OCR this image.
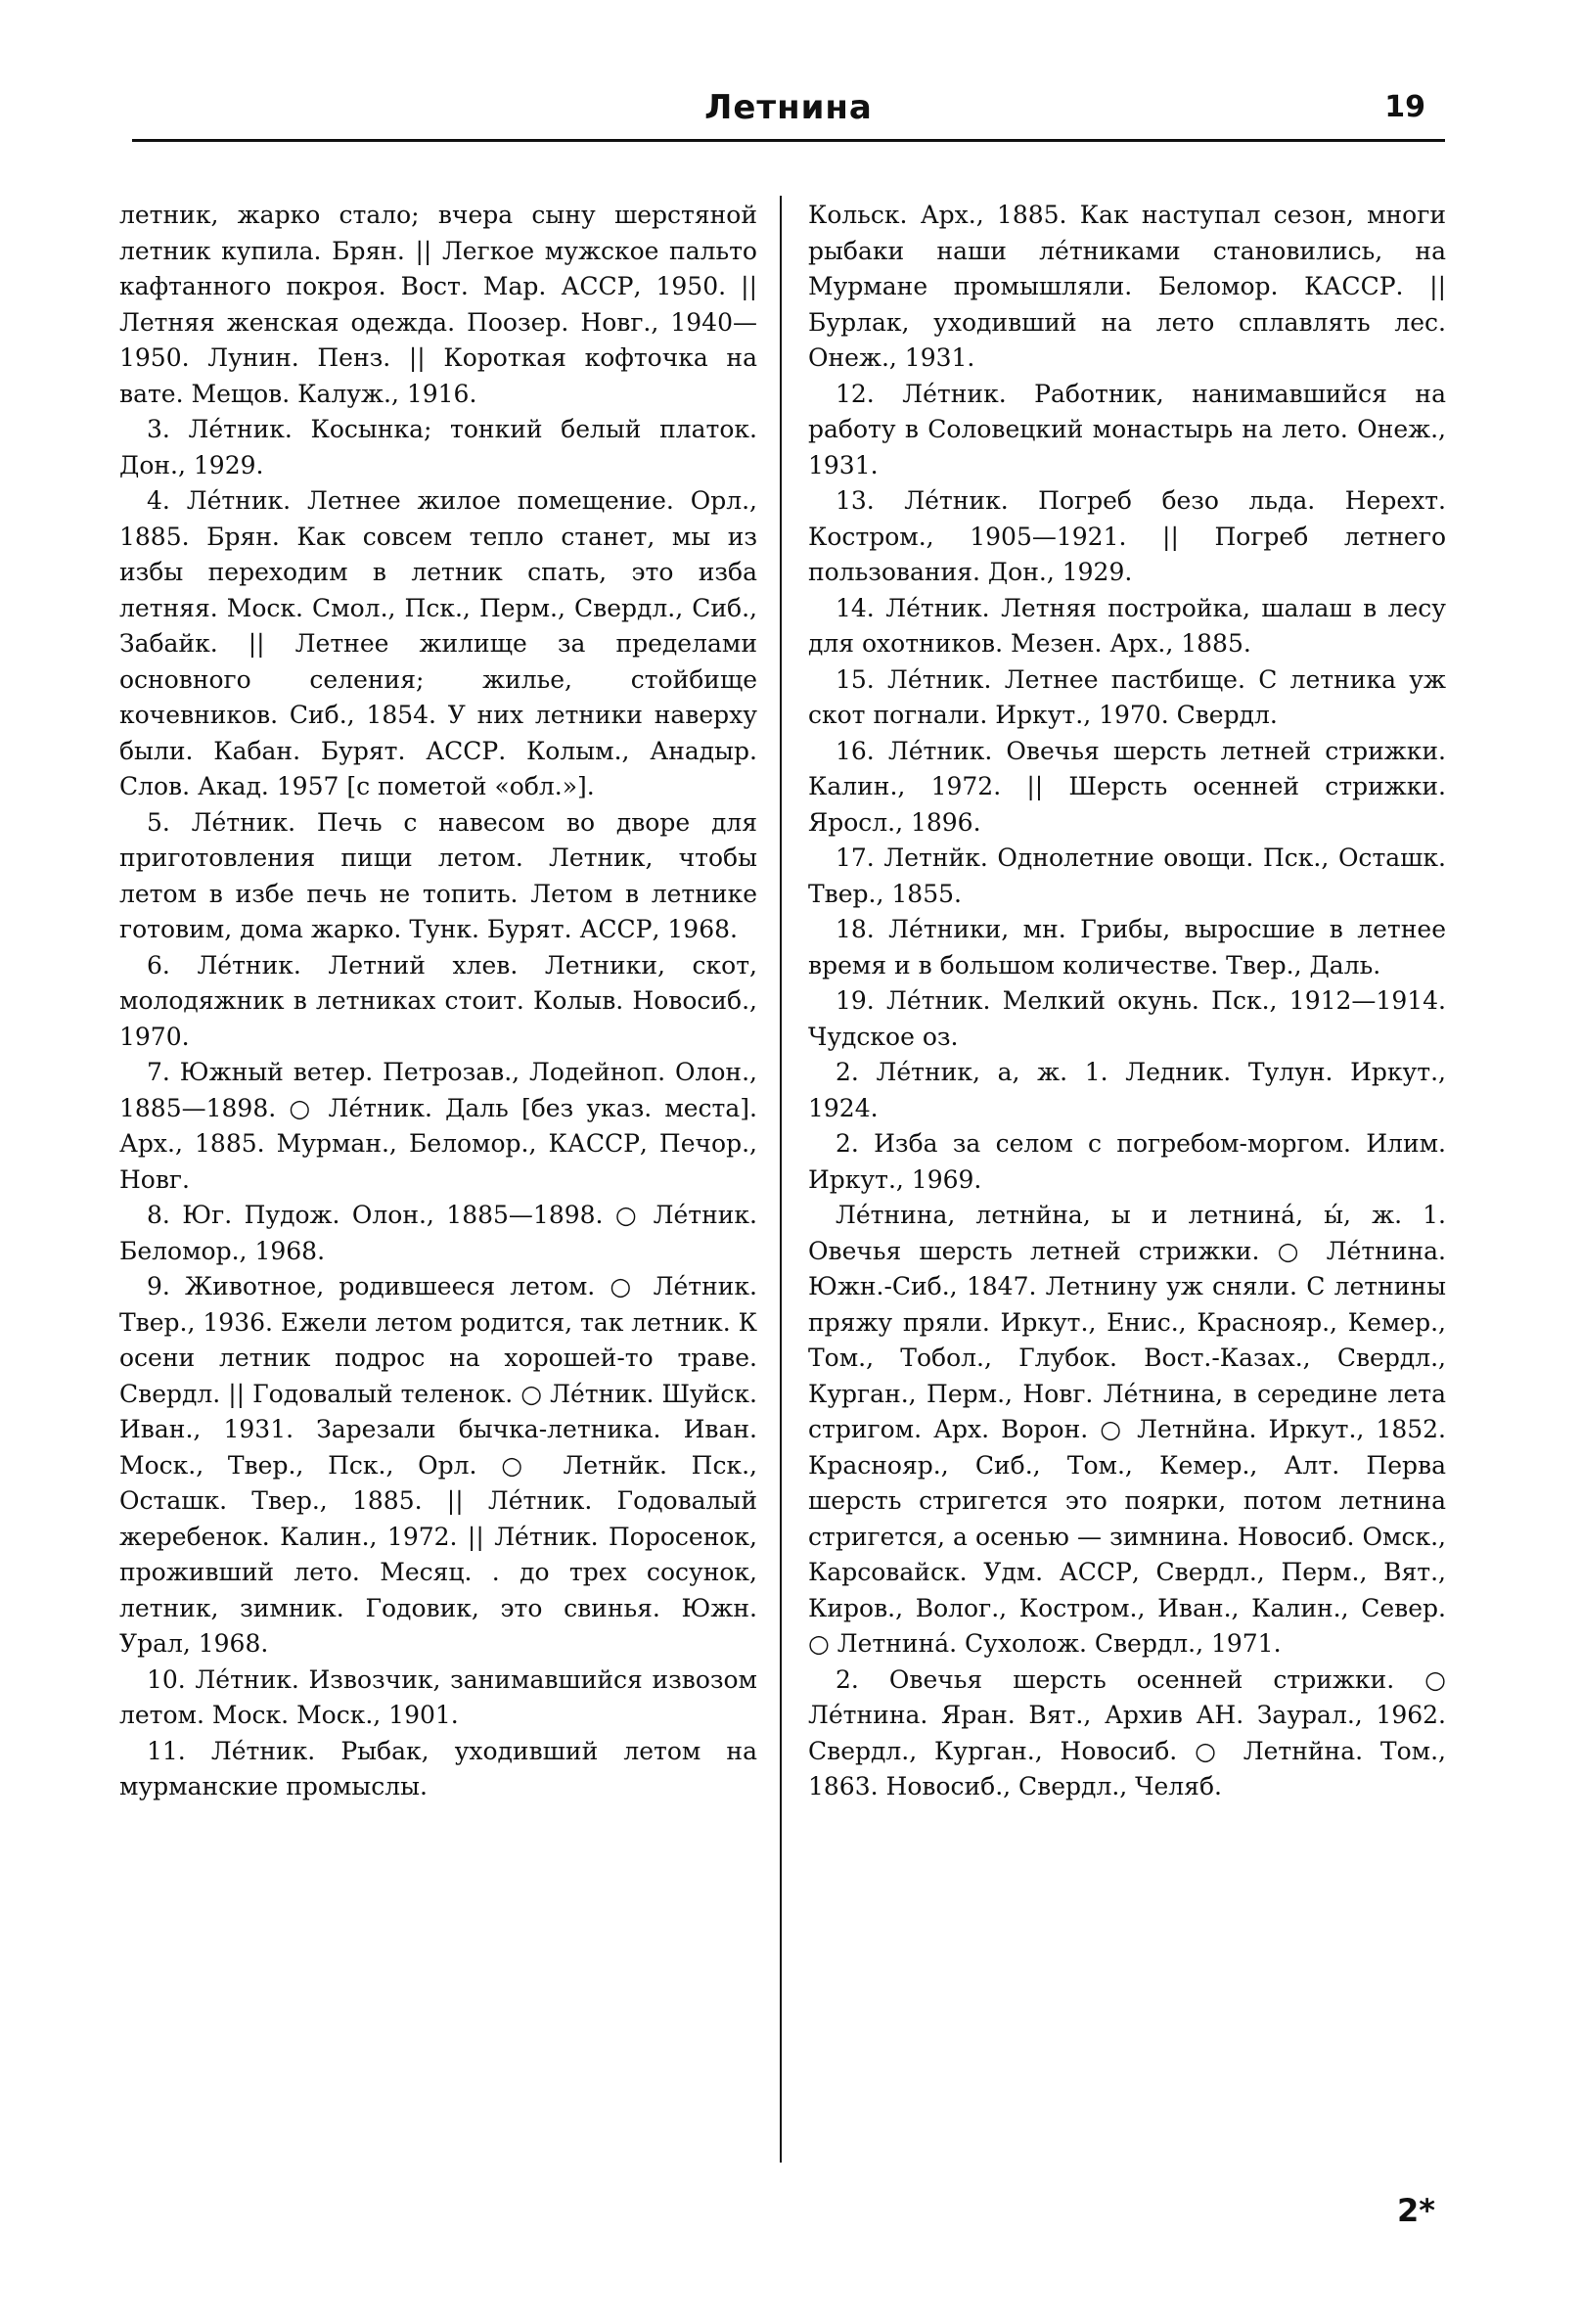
Летнина	19

летник, жарко стало; вчера сыну шерстяной летник купила. Брян. || Легкое мужское пальто кафтанного покроя. Вост. Мар. АССР, 1950. || Летняя женская одежда. Поозер. Новг., 1940—1950. Лунин. Пенз. || Короткая кофточка на вате. Мещов. Калуж., 1916.

3. Лéтник. Косынка; тонкий белый платок. Дон., 1929.

4. Лéтник. Летнее жилое помещение. Орл., 1885. Брян. Как совсем тепло станет, мы из избы переходим в летник спать, это изба летняя. Моск. Смол., Пск., Перм., Свердл., Сиб., Забайк. || Летнее жилище за пределами основного селения; жилье, стойбище кочевников. Сиб., 1854. У них летники наверху были. Кабан. Бурят. АССР. Колым., Анадыр. Слов. Акад. 1957 [с пометой «обл.»].

5. Лéтник. Печь с навесом во дворе для приготовления пищи летом. Летник, чтобы летом в избе печь не топить. Летом в летнике готовим, дома жарко. Тунк. Бурят. АССР, 1968.

6. Лéтник. Летний хлев. Летники, скот, молодяжник в летниках стоит. Колыв. Новосиб., 1970.

7. Южный ветер. Петрозав., Лодейноп. Олон., 1885—1898. ○ Лéтник. Даль [без указ. места]. Арх., 1885. Мурман., Беломор., КАССР, Печор., Новг.

8. Юг. Пудож. Олон., 1885—1898. ○ Лéтник. Беломор., 1968.

9. Животное, родившееся летом. ○ Лéтник. Твер., 1936. Ежели летом родится, так летник. К осени летник подрос на хорошей-то траве. Свердл. || Годовалый теленок. ○ Лéтник. Шуйск. Иван., 1931. Зарезали бычка-летника. Иван. Моск., Твер., Пск., Орл. ○ Летнйк. Пск., Осташк. Твер., 1885. || Лéтник. Годовалый жеребенок. Калин., 1972. || Лéтник. Поросенок, проживший лето. Месяц. . до трех сосунок, летник, зимник. Годовик, это свинья. Южн. Урал, 1968.

10. Лéтник. Извозчик, занимавшийся извозом летом. Моск. Моск., 1901.

11. Лéтник. Рыбак, уходивший летом на мурманские промыслы.

Кольск. Арх., 1885. Как наступал сезон, многи рыбаки наши лéтниками становились, на Мурмане промышляли. Беломор. КАССР. || Бурлак, уходивший на лето сплавлять лес. Онеж., 1931.

12. Лéтник. Работник, нанимавшийся на работу в Соловецкий монастырь на лето. Онеж., 1931.

13. Лéтник. Погреб безо льда. Нерехт. Костром., 1905—1921. || Погреб летнего пользования. Дон., 1929.

14. Лéтник. Летняя постройка, шалаш в лесу для охотников. Мезен. Арх., 1885.

15. Лéтник. Летнее пастбище. С летника уж скот погнали. Иркут., 1970. Свердл.

16. Лéтник. Овечья шерсть летней стрижки. Калин., 1972. || Шерсть осенней стрижки. Яросл., 1896.

17. Летнйк. Однолетние овощи. Пск., Осташк. Твер., 1855.

18. Лéтники, мн. Грибы, выросшие в летнее время и в большом количестве. Твер., Даль.

19. Лéтник. Мелкий окунь. Пск., 1912—1914. Чудское оз.

2. Лéтник, а, ж. 1. Ледник. Тулун. Иркут., 1924.

2. Изба за селом с погребом-моргом. Илим. Иркут., 1969.

Лéтнина, летнйна, ы и летнинá, ы́, ж. 1. Овечья шерсть летней стрижки. ○ Лéтнина. Южн.-Сиб., 1847. Летнину уж сняли. С летнины пряжу пряли. Иркут., Енис., Краснояр., Кемер., Том., Тобол., Глубок. Вост.-Казах., Свердл., Курган., Перм., Новг. Лéтнина, в середине лета стригом. Арх. Ворон. ○ Летнйна. Иркут., 1852. Краснояр., Сиб., Том., Кемер., Алт. Перва шерсть стригется это поярки, потом летнина стригется, а осенью — зимнина. Новосиб. Омск., Карсовайск. Удм. АССР, Свердл., Перм., Вят., Киров., Волог., Костром., Иван., Калин., Север. ○ Летнинá. Сухолож. Свердл., 1971.

2. Овечья шерсть осенней стрижки. ○ Лéтнина. Яран. Вят., Архив АН. Заурал., 1962. Свердл., Курган., Новосиб. ○ Летнйна. Том., 1863. Новосиб., Свердл., Челяб.

2*
